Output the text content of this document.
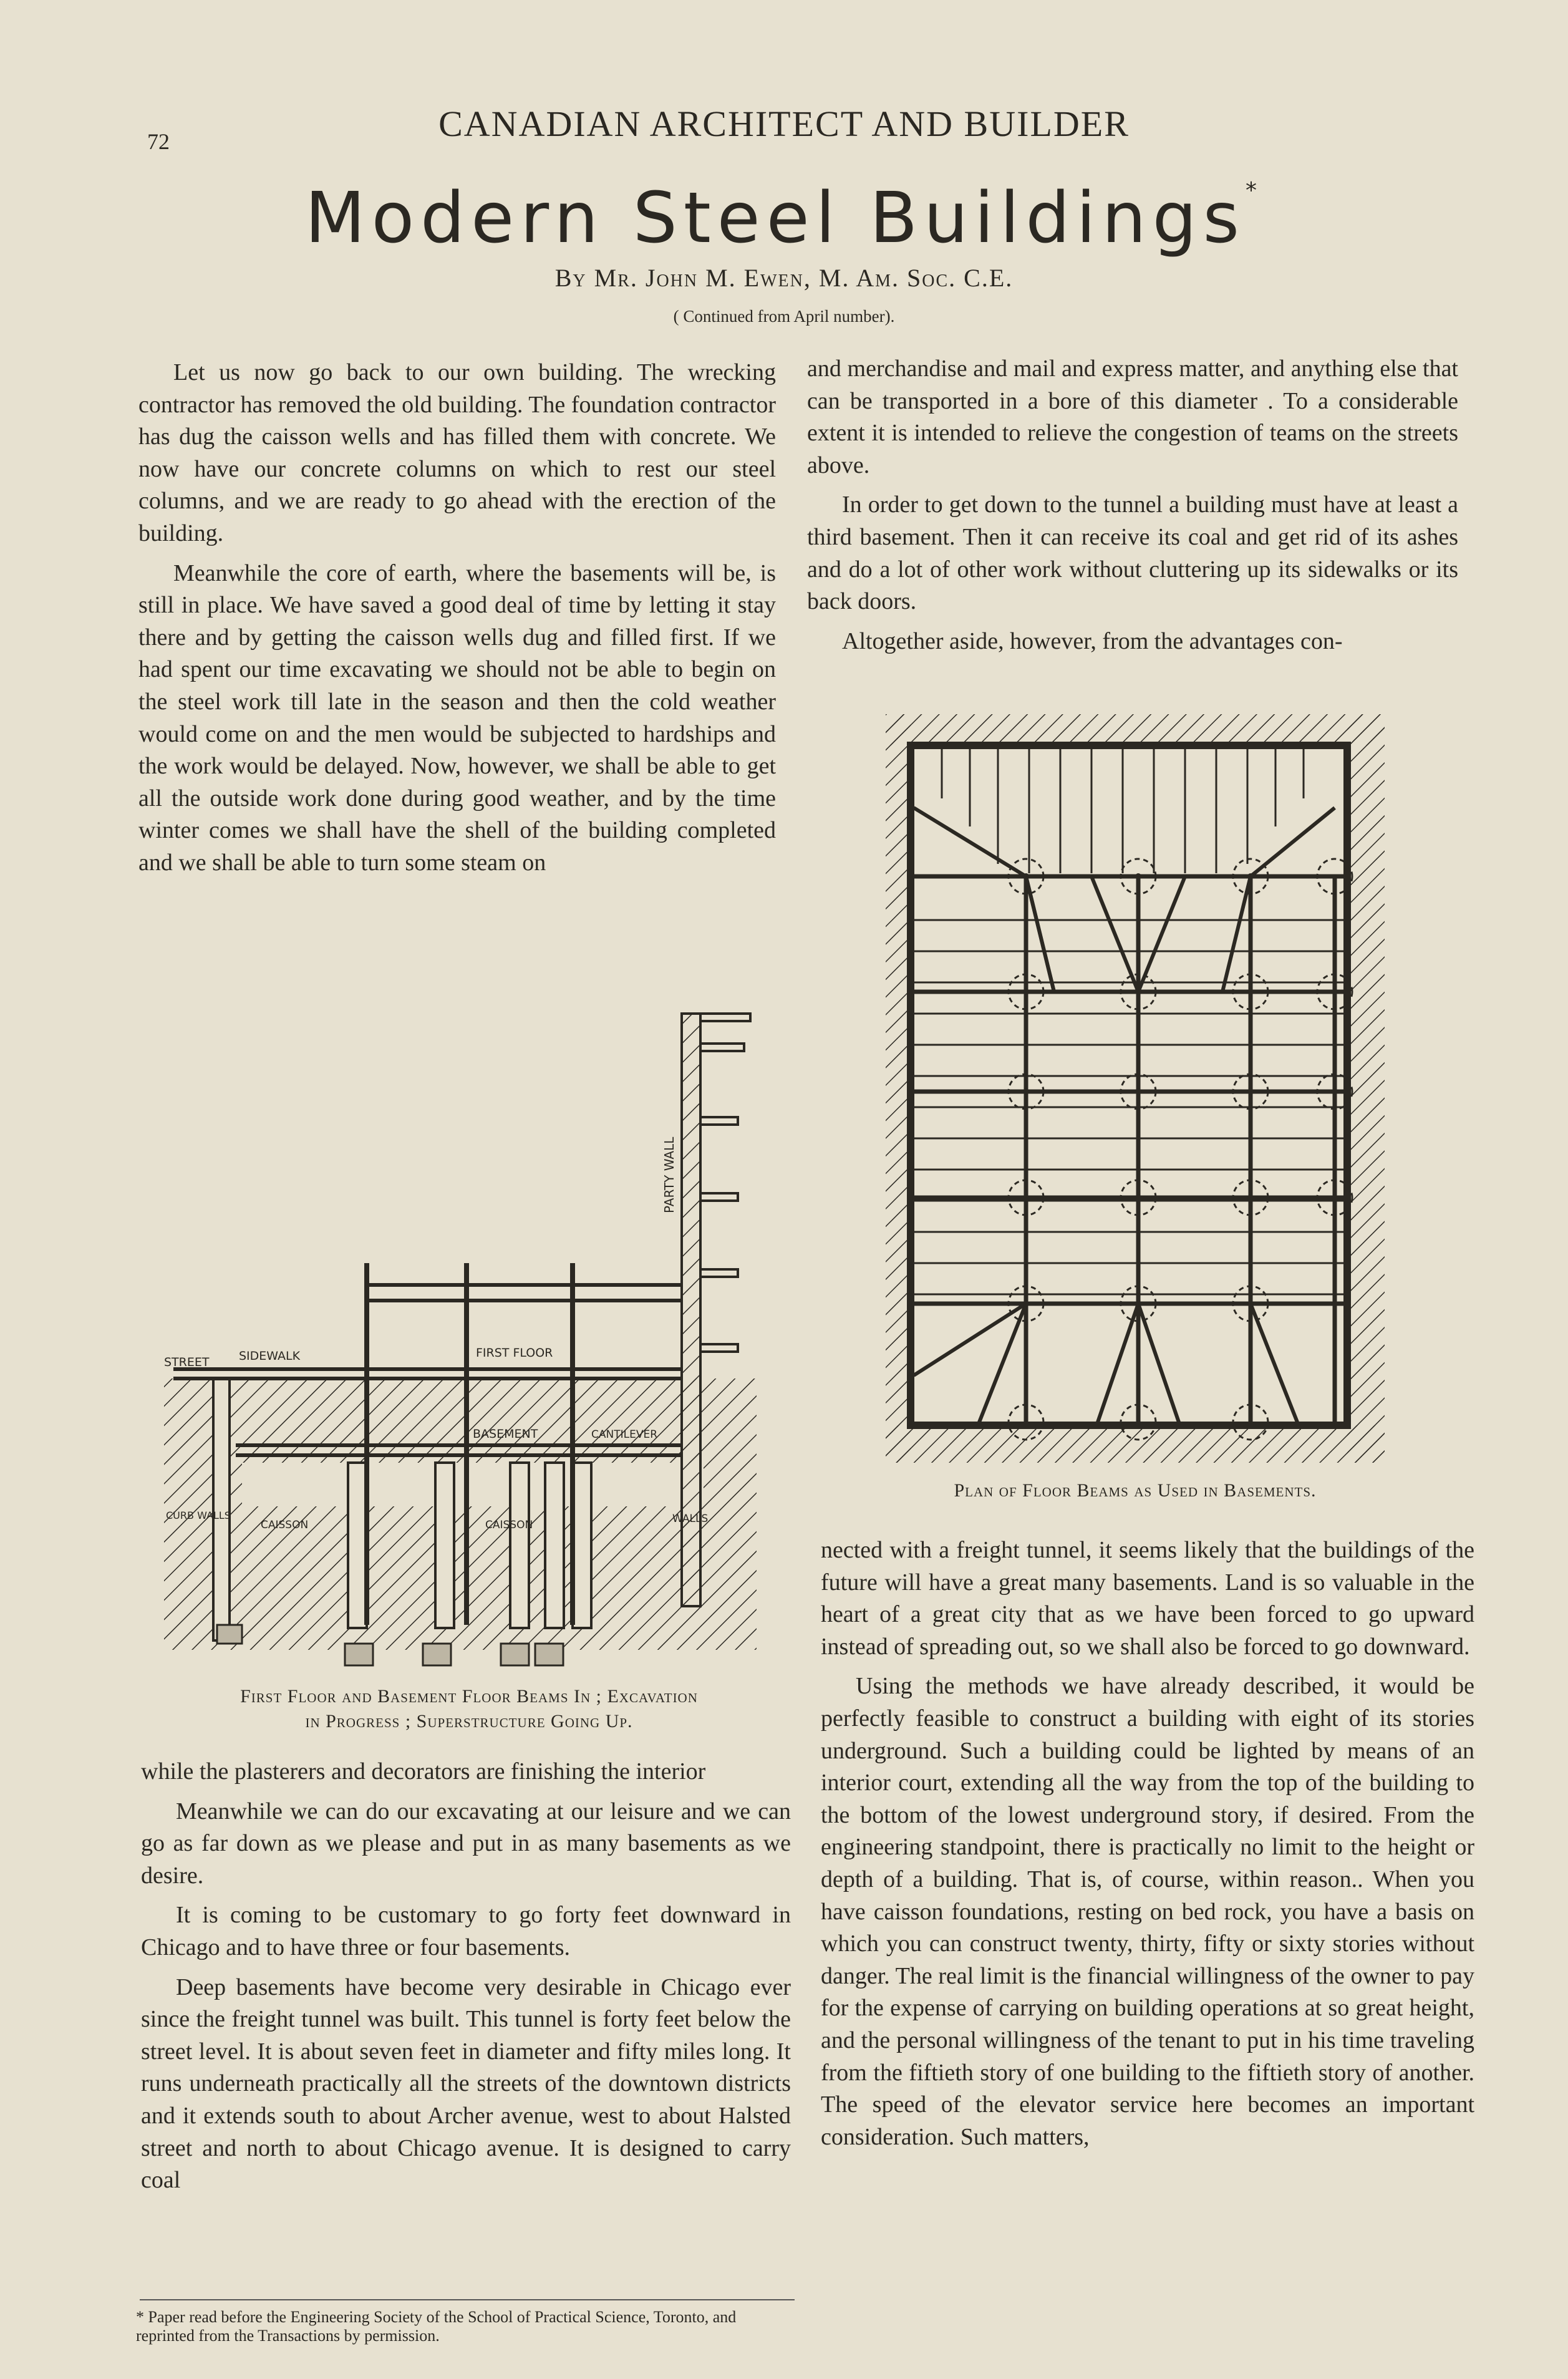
72	CANADIAN ARCHITECT AND BUILDER
Modern Steel Buildings*
By Mr. John M. Ewen, M. Am. Soc. C.E.
( Continued from April number).

Let us now go back to our own building. The wrecking contractor has removed the old building. The foundation contractor has dug the caisson wells and has filled them with concrete. We now have our concrete columns on which to rest our steel columns, and we are ready to go ahead with the erection of the building.

Meanwhile the core of earth, where the basements will be, is still in place. We have saved a good deal of time by letting it stay there and by getting the caisson wells dug and filled first. If we had spent our time excavating we should not be able to begin on the steel work till late in the season and then the cold weather would come on and the men would be subjected to hardships and the work would be delayed. Now, however, we shall be able to get all the outside work done during good weather, and by the time winter comes we shall have the shell of the building completed and we shall be able to turn some steam on

PARTY WALL
STREET	SIDEWALK	FIRST FLOOR
BASEMENT	CANTILEVER
CURB WALLS
CAISSON	CAISSON	WALLS
First Floor and Basement Floor Beams In ; Excavation
in Progress ; Superstructure Going Up.

while the plasterers and decorators are finishing the interior

Meanwhile we can do our excavating at our leisure and we can go as far down as we please and put in as many basements as we desire.

It is coming to be customary to go forty feet downward in Chicago and to have three or four basements.

Deep basements have become very desirable in Chicago ever since the freight tunnel was built. This tunnel is forty feet below the street level. It is about seven feet in diameter and fifty miles long. It runs underneath practically all the streets of the downtown districts and it extends south to about Archer avenue, west to about Halsted street and north to about Chicago avenue. It is designed to carry coal

and merchandise and mail and express matter, and anything else that can be transported in a bore of this diameter . To a considerable extent it is intended to relieve the congestion of teams on the streets above.

In order to get down to the tunnel a building must have at least a third basement. Then it can receive its coal and get rid of its ashes and do a lot of other work without cluttering up its sidewalks or its back doors.

Altogether aside, however, from the advantages con-

Plan of Floor Beams as Used in Basements.

nected with a freight tunnel, it seems likely that the buildings of the future will have a great many basements. Land is so valuable in the heart of a great city that as we have been forced to go upward instead of spreading out, so we shall also be forced to go downward.

Using the methods we have already described, it would be perfectly feasible to construct a building with eight of its stories underground. Such a building could be lighted by means of an interior court, extending all the way from the top of the building to the bottom of the lowest underground story, if desired. From the engineering standpoint, there is practically no limit to the height or depth of a building. That is, of course, within reason.. When you have caisson foundations, resting on bed rock, you have a basis on which you can construct twenty, thirty, fifty or sixty stories without danger. The real limit is the financial willingness of the owner to pay for the expense of carrying on building operations at so great height, and the personal willingness of the tenant to put in his time traveling from the fiftieth story of one building to the fiftieth story of another. The speed of the elevator service here becomes an important consideration. Such matters,

* Paper read before the Engineering Society of the School of Practical Science, Toronto, and reprinted from the Transactions by permission.
